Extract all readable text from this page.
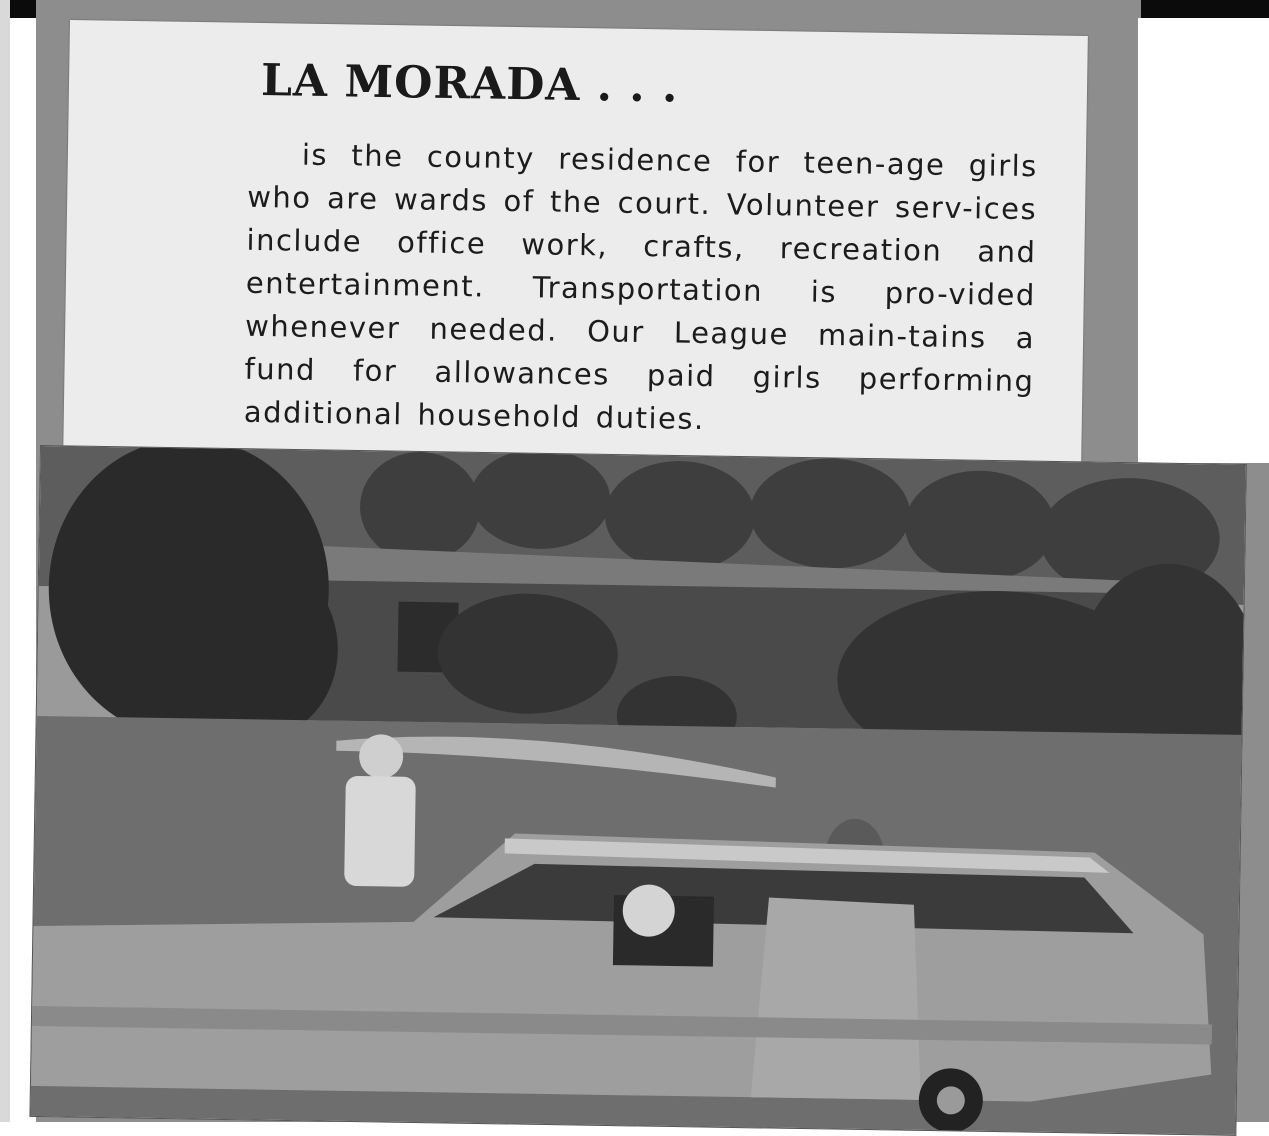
LA MORADA . . .

is the county residence for teen-age girls who are wards of the court. Volunteer serv-ices include office work, crafts, recreation and entertainment. Transportation is pro-vided whenever needed. Our League main-tains a fund for allowances paid girls performing additional household duties.
